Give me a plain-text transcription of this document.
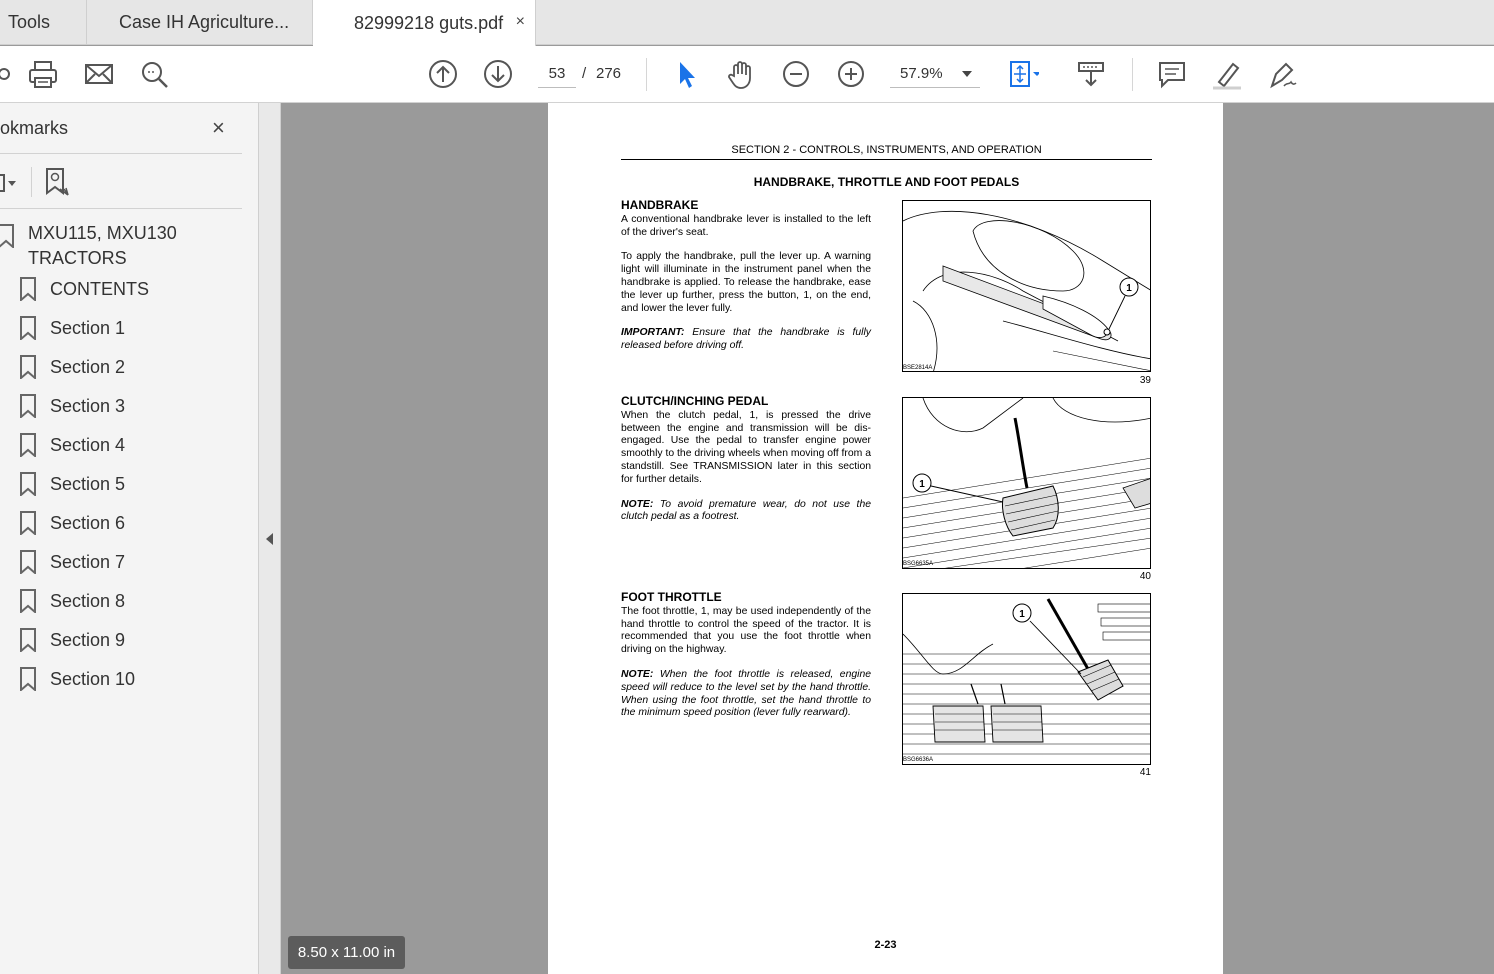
Tools	Case IH Agriculture...	82999218 guts.pdf ×
53	/ 276	57.9%
okmarks	×
MXU115, MXU130
TRACTORS
CONTENTS
Section 1
Section 2
Section 3
Section 4
Section 5
Section 6
Section 7
Section 8
Section 9
Section 10
SECTION 2 - CONTROLS, INSTRUMENTS, AND OPERATION
HANDBRAKE, THROTTLE AND FOOT PEDALS
HANDBRAKE

A conventional handbrake lever is installed to the left of the driver's seat.

To apply the handbrake, pull the lever up. A warning light will illuminate in the instrument panel when the handbrake is applied. To release the handbrake, ease the lever up further, press the button, 1, on the end, and lower the lever fully.

IMPORTANT: Ensure that the handbrake is fully released before driving off.

1
BSE2814A
39
CLUTCH/INCHING PEDAL

When the clutch pedal, 1, is pressed the drive between the engine and transmission will be dis-engaged. Use the pedal to transfer engine power smoothly to the driving wheels when moving off from a standstill. See TRANSMISSION later in this section for further details.

NOTE: To avoid premature wear, do not use the clutch pedal as a footrest.

1
BSG6635A
40
FOOT THROTTLE

The foot throttle, 1, may be used independently of the hand throttle to control the speed of the tractor. It is recommended that you use the foot throttle when driving on the highway.

NOTE: When the foot throttle is released, engine speed will reduce to the level set by the hand throttle. When using the foot throttle, set the hand throttle to the minimum speed position (lever fully rearward).

1
BSG6636A
41
2-23
8.50 x 11.00 in
